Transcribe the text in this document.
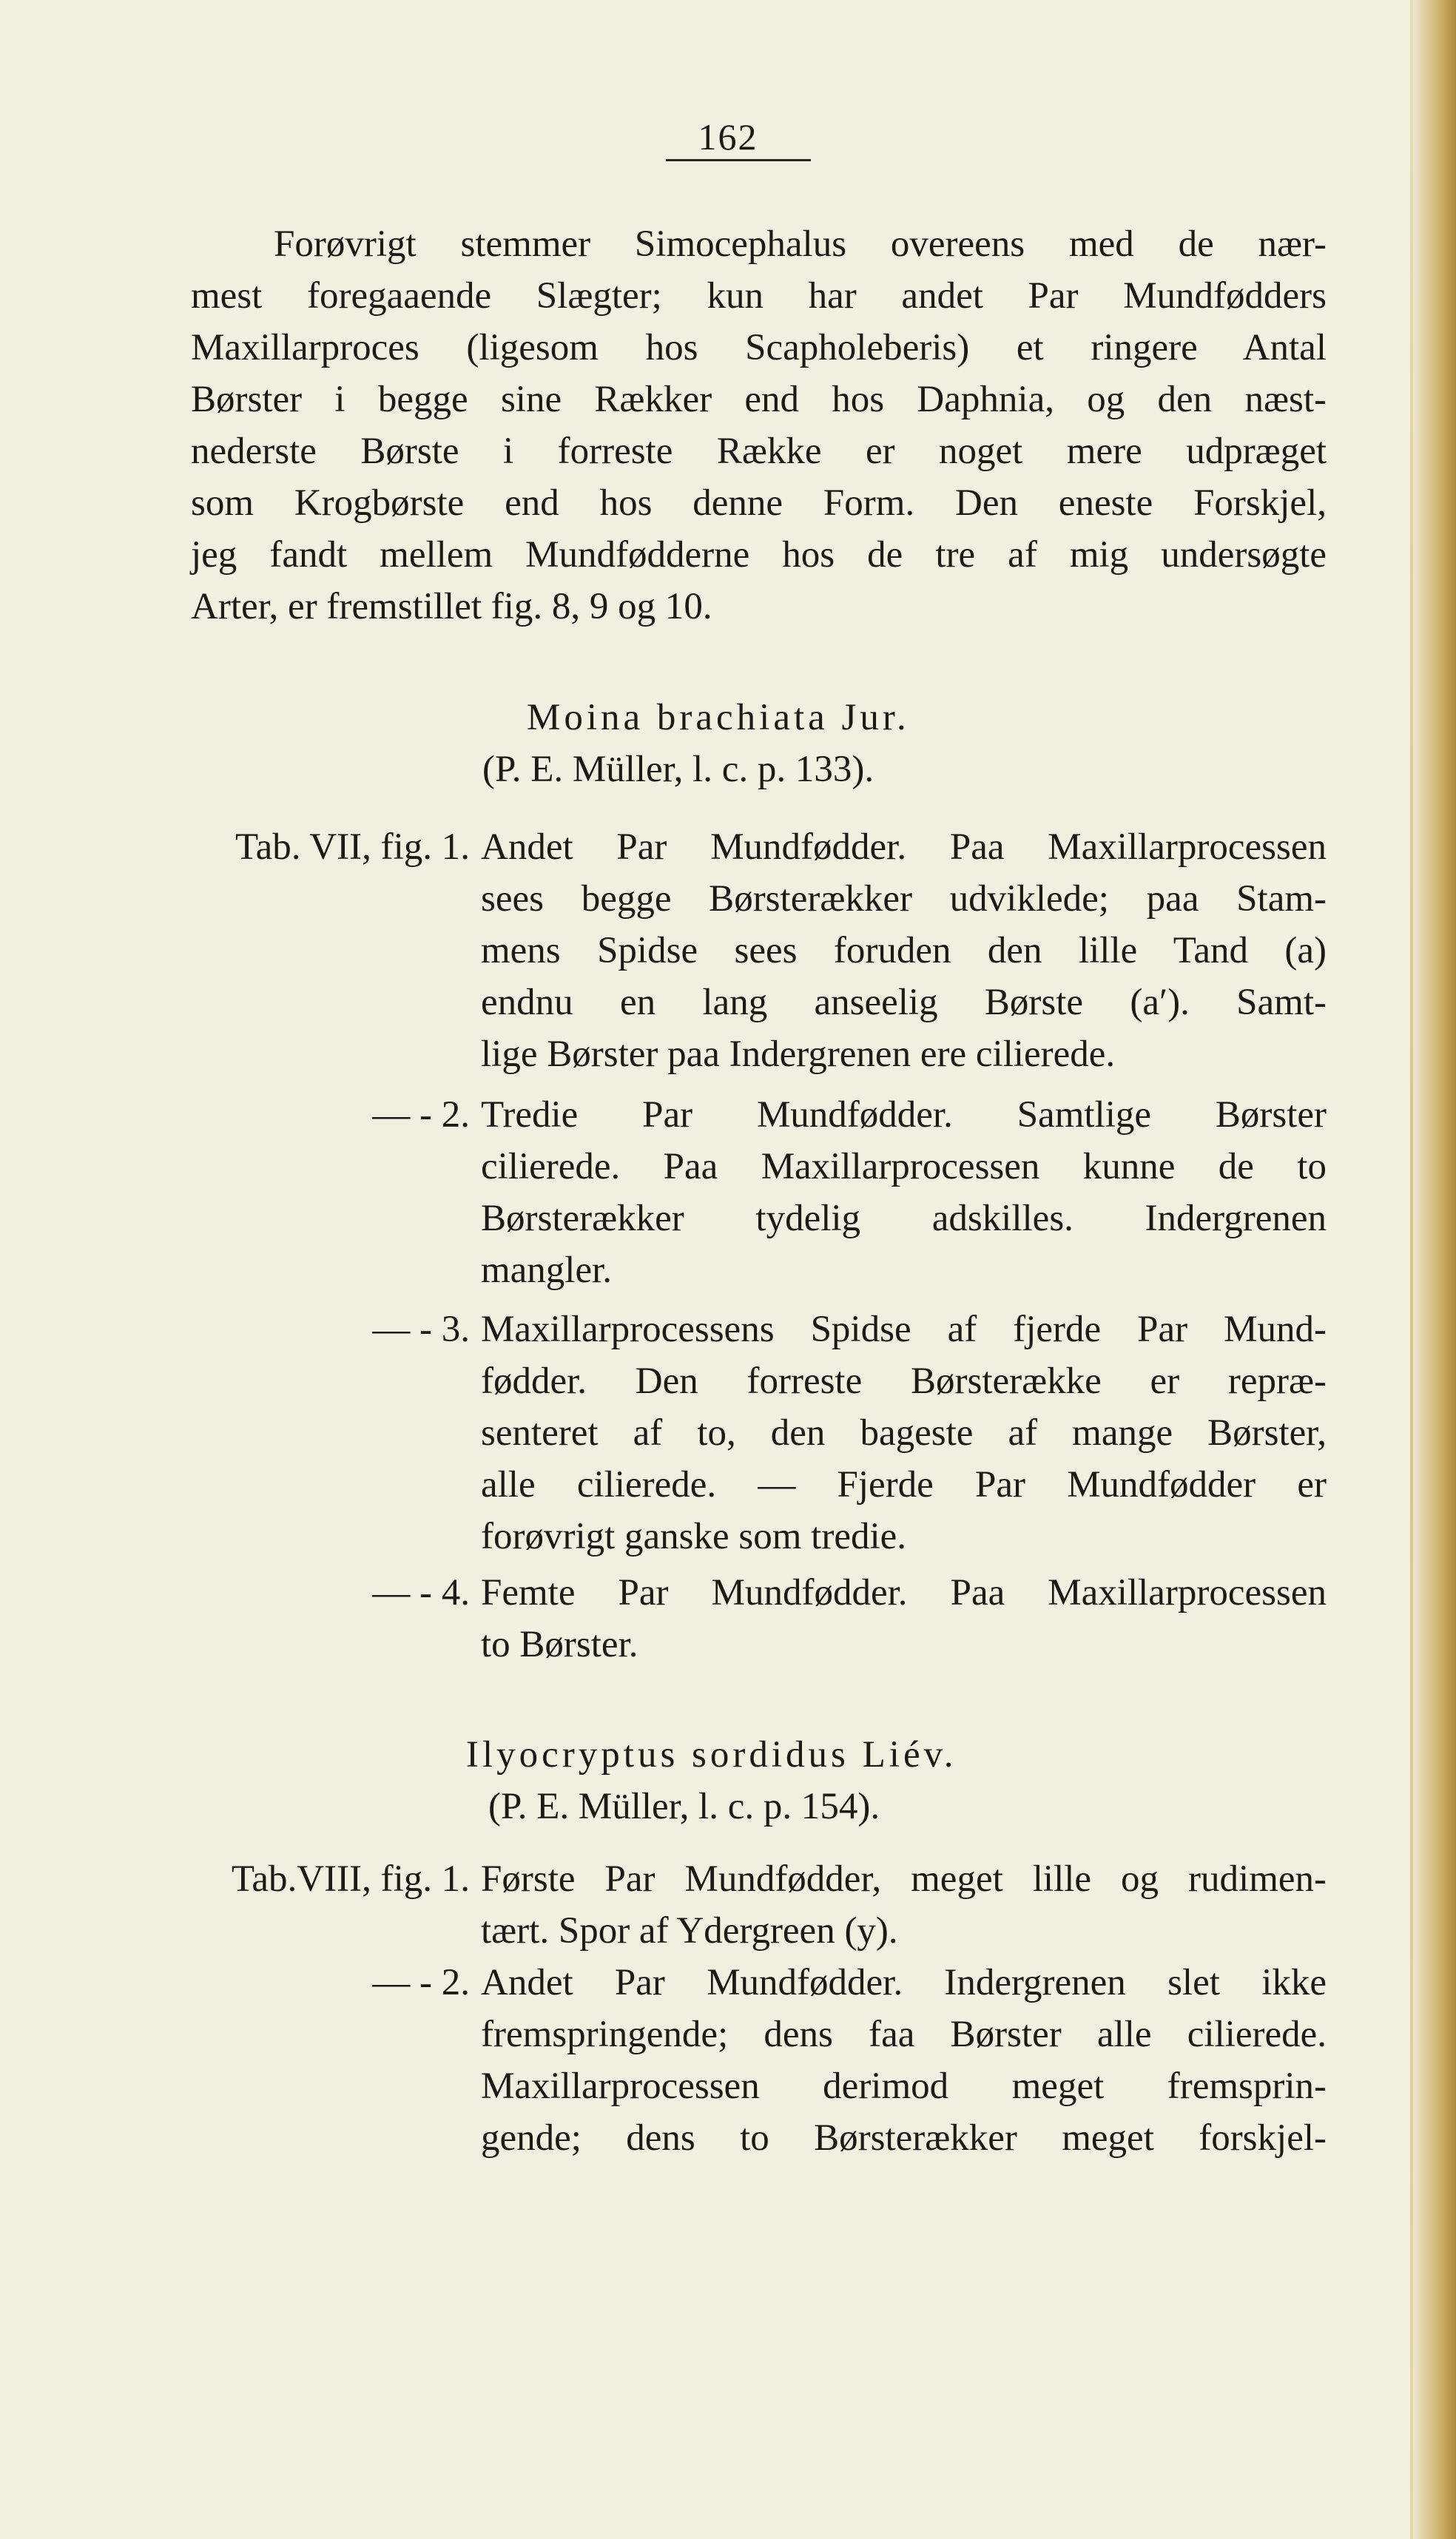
162
Forøvrigt stemmer Simocephalus overeens med de nær-
mest foregaaende Slægter; kun har andet Par Mundfødders
Maxillarproces (ligesom hos Scapholeberis) et ringere Antal
Børster i begge sine Rækker end hos Daphnia, og den næst-
nederste Børste i forreste Række er noget mere udpræget
som Krogbørste end hos denne Form. Den eneste Forskjel,
jeg fandt mellem Mundfødderne hos de tre af mig undersøgte
Arter, er fremstillet fig. 8, 9 og 10.
Moina brachiata Jur.
(P. E. Müller, l. c. p. 133).
Tab. VII, fig. 1. Andet Par Mundfødder. Paa Maxillarprocessen
sees begge Børsterækker udviklede; paa Stam-
mens Spidse sees foruden den lille Tand (a)
endnu en lang anseelig Børste (a′). Samt-
lige Børster paa Indergrenen ere cilierede.
— - 2. Tredie Par Mundfødder. Samtlige Børster
cilierede. Paa Maxillarprocessen kunne de to
Børsterækker tydelig adskilles. Indergrenen
mangler.
— - 3. Maxillarprocessens Spidse af fjerde Par Mund-
fødder. Den forreste Børsterække er repræ-
senteret af to, den bageste af mange Børster,
alle cilierede. — Fjerde Par Mundfødder er
forøvrigt ganske som tredie.
— - 4. Femte Par Mundfødder. Paa Maxillarprocessen
to Børster.
Ilyocryptus sordidus Liév.
(P. E. Müller, l. c. p. 154).
Tab.VIII, fig. 1. Første Par Mundfødder, meget lille og rudimen-
tært. Spor af Ydergreen (y).
— - 2. Andet Par Mundfødder. Indergrenen slet ikke
fremspringende; dens faa Børster alle cilierede.
Maxillarprocessen derimod meget fremsprin-
gende; dens to Børsterækker meget forskjel-
